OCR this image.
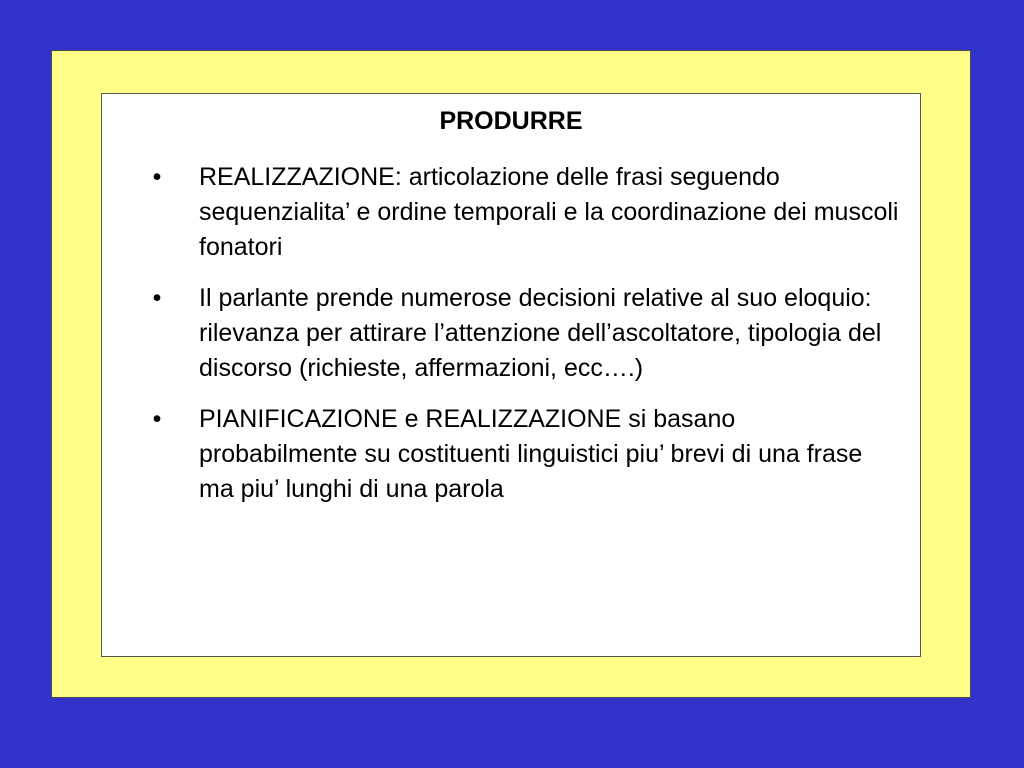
PRODURRE
• REALIZZAZIONE: articolazione delle frasi seguendo sequenzialita’ e ordine temporali e la coordinazione dei muscoli fonatori
• Il parlante prende numerose decisioni relative al suo eloquio: rilevanza per attirare l’attenzione dell’ascoltatore, tipologia del discorso (richieste, affermazioni, ecc….)
• PIANIFICAZIONE e REALIZZAZIONE si basano probabilmente su costituenti linguistici piu’ brevi di una frase ma piu’ lunghi di una parola
